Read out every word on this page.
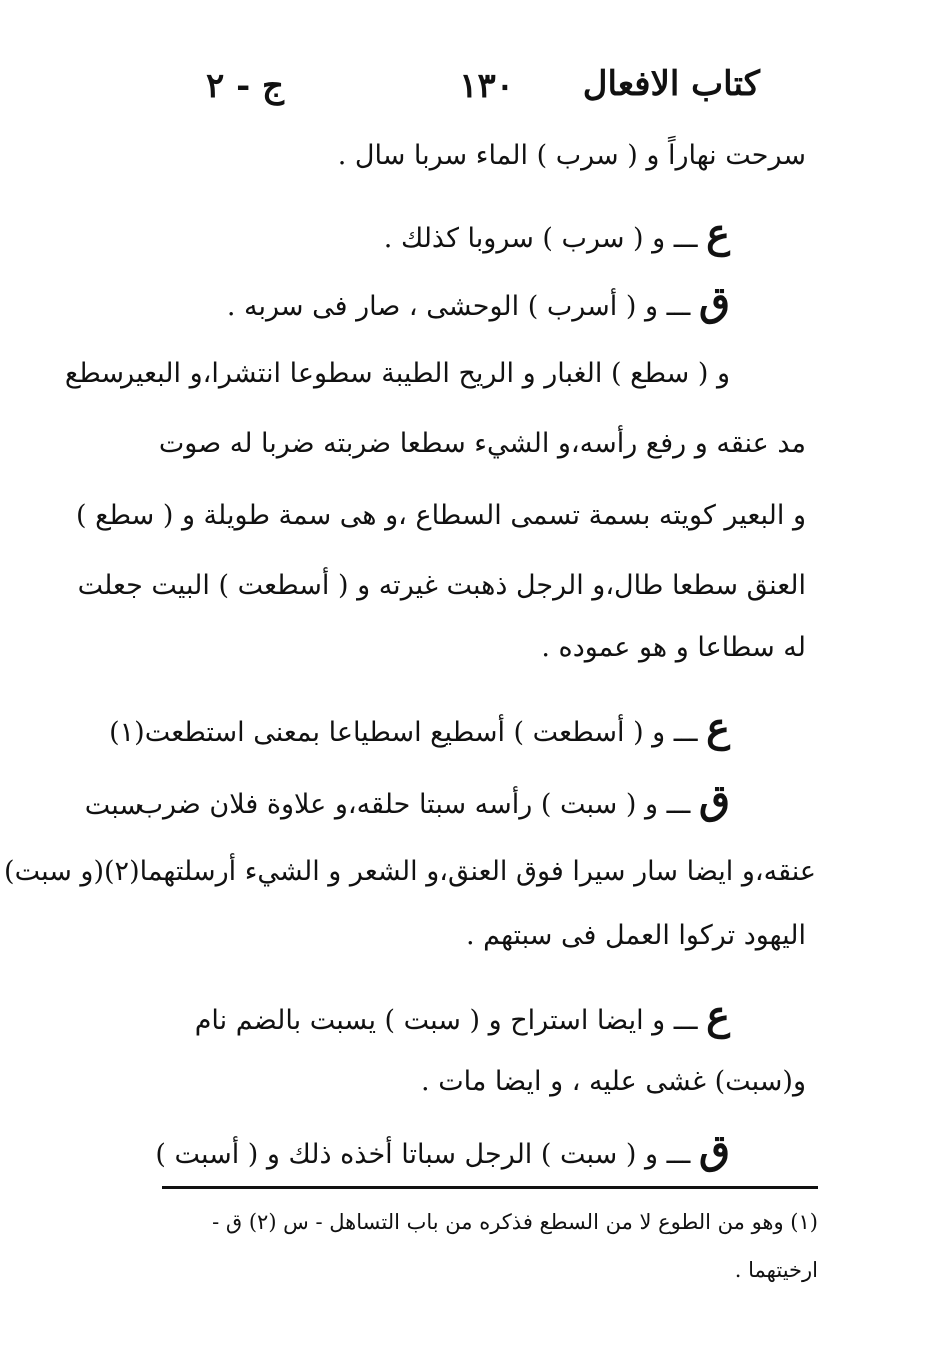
كتاب الافعال
١٣٠
ج - ٢
سطع
سبت
سرحت نهاراً و ( سرب ) الماء سربا سال .
ع ـــ و ( سرب ) سروبا كذلك .
ق ـــ و ( أسرب ) الوحشى ، صار فى سربه .
و ( سطع ) الغبار و الريح الطيبة سطوعا انتشرا،و البعير
مد عنقه و رفع رأسه،و الشيء سطعا ضربته ضربا له صوت
و البعير كويته بسمة تسمى السطاع ،و هى سمة طويلة و ( سطع )
العنق سطعا طال،و الرجل ذهبت غيرته و ( أسطعت ) البيت جعلت
له سطاعا و هو عموده .
ع ـــ و ( أسطعت ) أسطيع اسطياعا بمعنى استطعت(١)
ق ـــ و ( سبت ) رأسه سبتا حلقه،و علاوة فلان ضرب
عنقه،و ايضا سار سيرا فوق العنق،و الشعر و الشيء أرسلتهما(٢)(و سبت)
اليهود تركوا العمل فى سبتهم .
ع ـــ و ايضا استراح و ( سبت ) يسبت بالضم نام
و(سبت) غشى عليه ، و ايضا مات .
ق ـــ و ( سبت ) الرجل سباتا أخذه ذلك و ( أسبت )
(١) وهو من الطوع لا من السطع فذكره من باب التساهل - س (٢) ق -
ارخيتهما .
